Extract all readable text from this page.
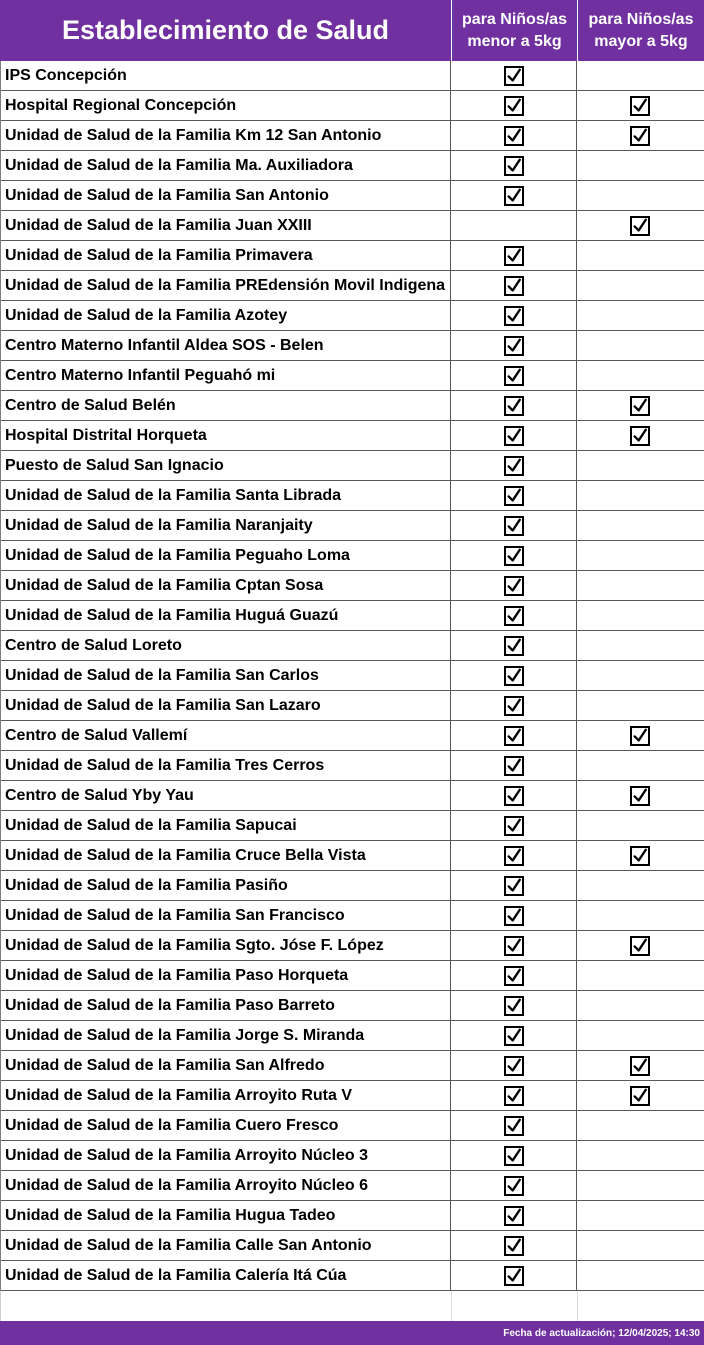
Establecimiento de Salud	para Niños/as
menor a 5kg
para Niños/as
mayor a 5kg
IPS Concepción
Hospital Regional Concepción
Unidad de Salud de la Familia Km 12 San Antonio
Unidad de Salud de la Familia Ma. Auxiliadora
Unidad de Salud de la Familia San Antonio
Unidad de Salud de la Familia Juan XXIII
Unidad de Salud de la Familia Primavera
Unidad de Salud de la Familia PREdensión Movil Indigena
Unidad de Salud de la Familia Azotey
Centro Materno Infantil Aldea SOS - Belen
Centro Materno Infantil Peguahó mi
Centro de Salud Belén
Hospital Distrital Horqueta
Puesto de Salud San Ignacio
Unidad de Salud de la Familia Santa Librada
Unidad de Salud de la Familia Naranjaity
Unidad de Salud de la Familia Peguaho Loma
Unidad de Salud de la Familia Cptan Sosa
Unidad de Salud de la Familia Huguá Guazú
Centro de Salud Loreto
Unidad de Salud de la Familia San Carlos
Unidad de Salud de la Familia San Lazaro
Centro de Salud Vallemí
Unidad de Salud de la Familia Tres Cerros
Centro de Salud Yby Yau
Unidad de Salud de la Familia Sapucai
Unidad de Salud de la Familia Cruce Bella Vista
Unidad de Salud de la Familia Pasiño
Unidad de Salud de la Familia San Francisco
Unidad de Salud de la Familia Sgto. Jóse F. López
Unidad de Salud de la Familia Paso Horqueta
Unidad de Salud de la Familia Paso Barreto
Unidad de Salud de la Familia Jorge S. Miranda
Unidad de Salud de la Familia San Alfredo
Unidad de Salud de la Familia Arroyito Ruta V
Unidad de Salud de la Familia Cuero Fresco
Unidad de Salud de la Familia Arroyito Núcleo 3
Unidad de Salud de la Familia Arroyito Núcleo 6
Unidad de Salud de la Familia Hugua Tadeo
Unidad de Salud de la Familia Calle San Antonio
Unidad de Salud de la Familia Calería Itá Cúa
Fecha de actualización; 12/04/2025; 14:30
